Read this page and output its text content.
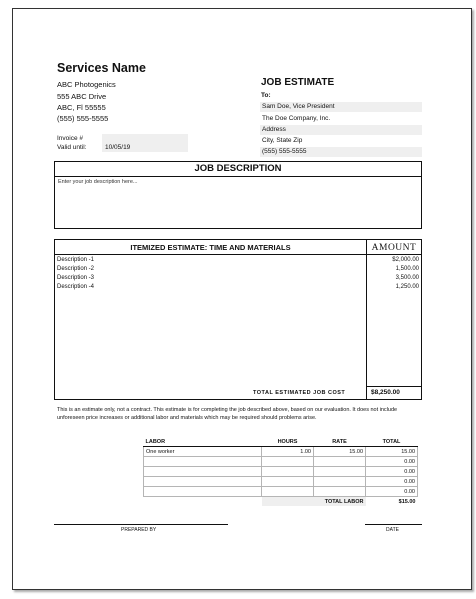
Services Name
ABC Photogenics
555 ABC Drive
ABC, Fl 55555
(555) 555-5555
Invoice #
Valid until:	10/05/19
JOB ESTIMATE
To:
Sam Doe, Vice President
The Doe Company, Inc.
Address
City, State Zip
(555) 555-5555
JOB DESCRIPTION
Enter your job description here...
ITEMIZED ESTIMATE: TIME AND MATERIALS	AMOUNT
Description -1	$2,000.00
Description -2	1,500.00
Description -3	3,500.00
Description -4	1,250.00
TOTAL ESTIMATED JOB COST	$8,250.00
This is an estimate only, not a contract. This estimate is for completing the job described above, based on our evaluation. It does not include unforeseen price increases or additional labor and materials which may be required should problems arise.
LABOR	HOURS	RATE	TOTAL
One worker	1.00	15.00	15.00
			0.00
			0.00
			0.00
			0.00
	TOTAL LABOR		$15.00
PREPARED BY	DATE
